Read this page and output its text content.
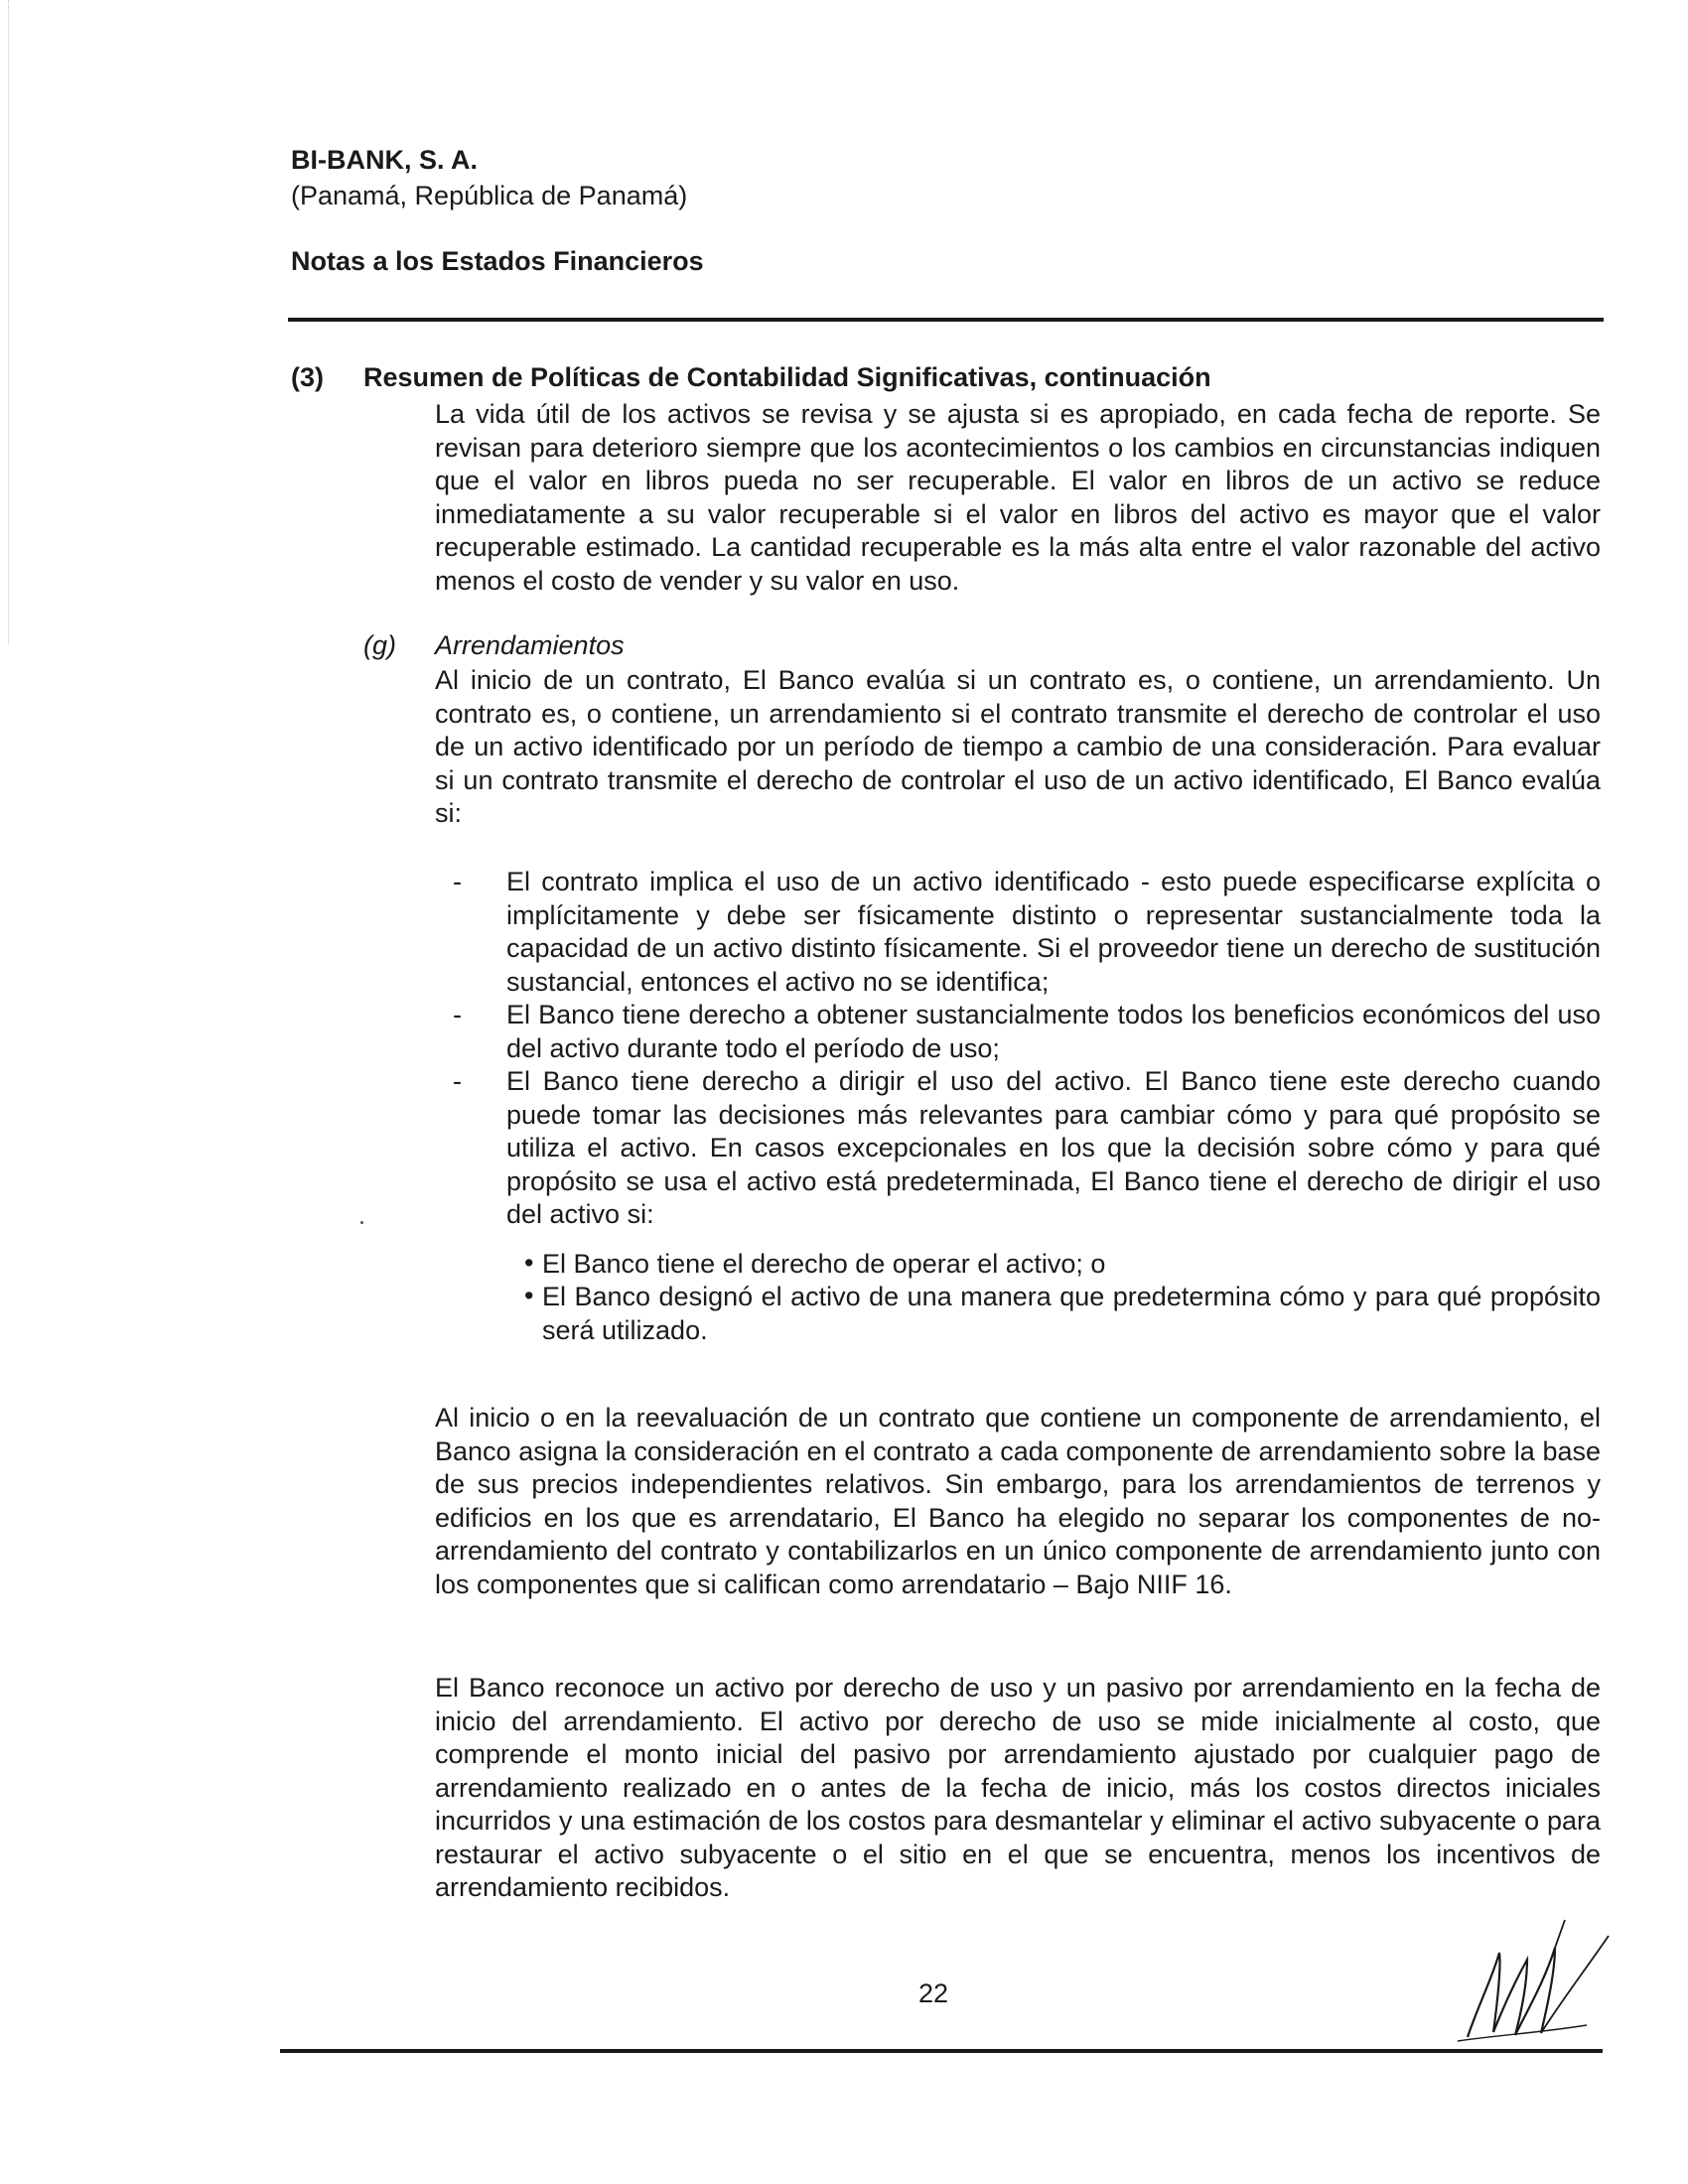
BI-BANK, S. A.
(Panamá, República de Panamá)
Notas a los Estados Financieros
(3) Resumen de Políticas de Contabilidad Significativas, continuación

La vida útil de los activos se revisa y se ajusta si es apropiado, en cada fecha de reporte. Se revisan para deterioro siempre que los acontecimientos o los cambios en circunstancias indiquen que el valor en libros pueda no ser recuperable. El valor en libros de un activo se reduce inmediatamente a su valor recuperable si el valor en libros del activo es mayor que el valor recuperable estimado. La cantidad recuperable es la más alta entre el valor razonable del activo menos el costo de vender y su valor en uso.

(g) Arrendamientos

Al inicio de un contrato, El Banco evalúa si un contrato es, o contiene, un arrendamiento. Un contrato es, o contiene, un arrendamiento si el contrato transmite el derecho de controlar el uso de un activo identificado por un período de tiempo a cambio de una consideración. Para evaluar si un contrato transmite el derecho de controlar el uso de un activo identificado, El Banco evalúa si:

- El contrato implica el uso de un activo identificado - esto puede especificarse explícita o implícitamente y debe ser físicamente distinto o representar sustancialmente toda la capacidad de un activo distinto físicamente. Si el proveedor tiene un derecho de sustitución sustancial, entonces el activo no se identifica;
- El Banco tiene derecho a obtener sustancialmente todos los beneficios económicos del uso del activo durante todo el período de uso;
- El Banco tiene derecho a dirigir el uso del activo. El Banco tiene este derecho cuando puede tomar las decisiones más relevantes para cambiar cómo y para qué propósito se utiliza el activo. En casos excepcionales en los que la decisión sobre cómo y para qué propósito se usa el activo está predeterminada, El Banco tiene el derecho de dirigir el uso del activo si:
• El Banco tiene el derecho de operar el activo; o
• El Banco designó el activo de una manera que predetermina cómo y para qué propósito será utilizado.

Al inicio o en la reevaluación de un contrato que contiene un componente de arrendamiento, el Banco asigna la consideración en el contrato a cada componente de arrendamiento sobre la base de sus precios independientes relativos. Sin embargo, para los arrendamientos de terrenos y edificios en los que es arrendatario, El Banco ha elegido no separar los componentes de no-arrendamiento del contrato y contabilizarlos en un único componente de arrendamiento junto con los componentes que si califican como arrendatario – Bajo NIIF 16.

El Banco reconoce un activo por derecho de uso y un pasivo por arrendamiento en la fecha de inicio del arrendamiento. El activo por derecho de uso se mide inicialmente al costo, que comprende el monto inicial del pasivo por arrendamiento ajustado por cualquier pago de arrendamiento realizado en o antes de la fecha de inicio, más los costos directos iniciales incurridos y una estimación de los costos para desmantelar y eliminar el activo subyacente o para restaurar el activo subyacente o el sitio en el que se encuentra, menos los incentivos de arrendamiento recibidos.

22
